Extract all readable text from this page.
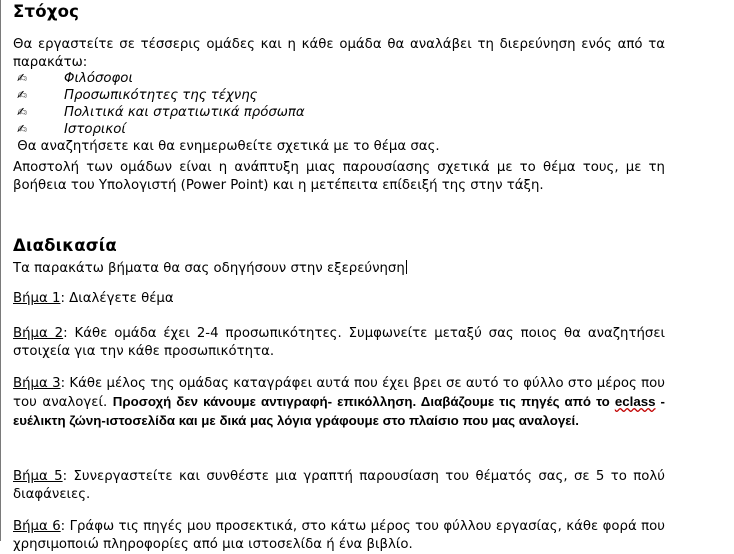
Στόχος
Θα εργαστείτε σε τέσσερις ομάδες και η κάθε ομάδα θα αναλάβει τη διερεύνηση ενός από τα παρακάτω:
✍	Φιλόσοφοι
✍	Προσωπικότητες της τέχνης
✍	Πολιτικά και στρατιωτικά πρόσωπα
✍	Ιστορικοί
Θα αναζητήσετε και θα ενημερωθείτε σχετικά με το θέμα σας.
Αποστολή των ομάδων είναι η ανάπτυξη μιας παρουσίασης σχετικά με το θέμα τους, με τη βοήθεια του Υπολογιστή (Power Point) και η μετέπειτα επίδειξή της στην τάξη.
Διαδικασία
Τα παρακάτω βήματα θα σας οδηγήσουν στην εξερεύνηση
Βήμα 1: Διαλέγετε θέμα
Βήμα 2: Κάθε ομάδα έχει 2-4 προσωπικότητες. Συμφωνείτε μεταξύ σας ποιος θα αναζητήσει στοιχεία για την κάθε προσωπικότητα.
Βήμα 3: Κάθε μέλος της ομάδας καταγράφει αυτά που έχει βρει σε αυτό το φύλλο στο μέρος που του αναλογεί. Προσοχή δεν κάνουμε αντιγραφή- επικόλληση. Διαβάζουμε τις πηγές από το eclass - ευέλικτη ζώνη-ιστοσελίδα και με δικά μας λόγια γράφουμε στο πλαίσιο που μας αναλογεί.
Βήμα 5: Συνεργαστείτε και συνθέστε μια γραπτή παρουσίαση του θέματός σας, σε 5 το πολύ διαφάνειες.
Βήμα 6: Γράφω τις πηγές μου προσεκτικά, στο κάτω μέρος του φύλλου εργασίας, κάθε φορά που χρησιμοποιώ πληροφορίες από μια ιστοσελίδα ή ένα βιβλίο.
